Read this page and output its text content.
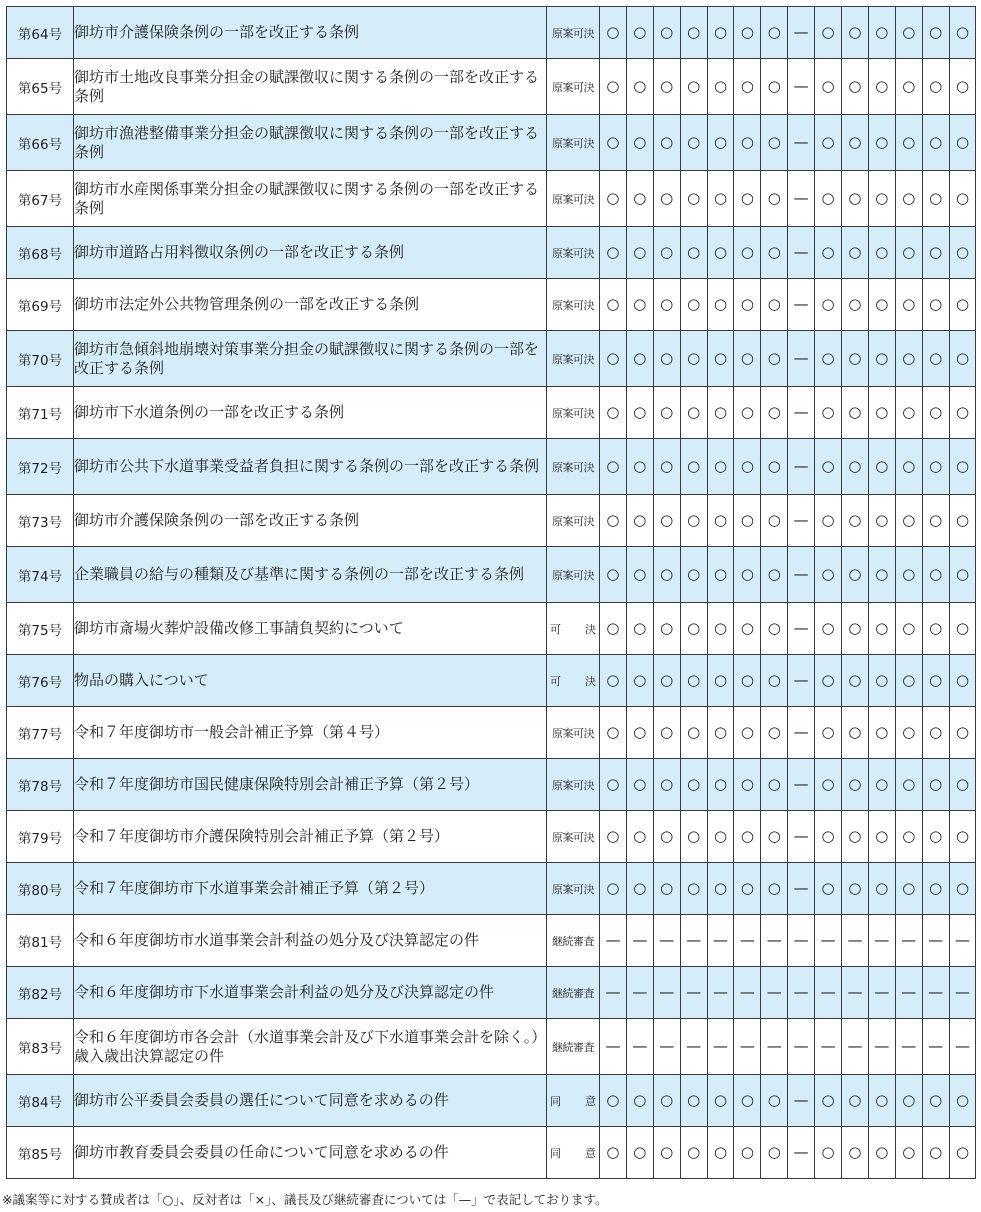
第64号	御坊市介護保険条例の一部を改正する条例	原案可決	○	○	○	○	○	○	○	—	○	○	○	○	○	○
第65号	御坊市土地改良事業分担金の賦課徴収に関する条例の一部を改正する条例	原案可決	○	○	○	○	○	○	○	—	○	○	○	○	○	○
第66号	御坊市漁港整備事業分担金の賦課徴収に関する条例の一部を改正する条例	原案可決	○	○	○	○	○	○	○	—	○	○	○	○	○	○
第67号	御坊市水産関係事業分担金の賦課徴収に関する条例の一部を改正する条例	原案可決	○	○	○	○	○	○	○	—	○	○	○	○	○	○
第68号	御坊市道路占用料徴収条例の一部を改正する条例	原案可決	○	○	○	○	○	○	○	—	○	○	○	○	○	○
第69号	御坊市法定外公共物管理条例の一部を改正する条例	原案可決	○	○	○	○	○	○	○	—	○	○	○	○	○	○
第70号	御坊市急傾斜地崩壊対策事業分担金の賦課徴収に関する条例の一部を改正する条例	原案可決	○	○	○	○	○	○	○	—	○	○	○	○	○	○
第71号	御坊市下水道条例の一部を改正する条例	原案可決	○	○	○	○	○	○	○	—	○	○	○	○	○	○
第72号	御坊市公共下水道事業受益者負担に関する条例の一部を改正する条例	原案可決	○	○	○	○	○	○	○	—	○	○	○	○	○	○
第73号	御坊市介護保険条例の一部を改正する条例	原案可決	○	○	○	○	○	○	○	—	○	○	○	○	○	○
第74号	企業職員の給与の種類及び基準に関する条例の一部を改正する条例	原案可決	○	○	○	○	○	○	○	—	○	○	○	○	○	○
第75号	御坊市斎場火葬炉設備改修工事請負契約について	可 決	○	○	○	○	○	○	○	—	○	○	○	○	○	○
第76号	物品の購入について	可 決	○	○	○	○	○	○	○	—	○	○	○	○	○	○
第77号	令和７年度御坊市一般会計補正予算（第４号）	原案可決	○	○	○	○	○	○	○	—	○	○	○	○	○	○
第78号	令和７年度御坊市国民健康保険特別会計補正予算（第２号）	原案可決	○	○	○	○	○	○	○	—	○	○	○	○	○	○
第79号	令和７年度御坊市介護保険特別会計補正予算（第２号）	原案可決	○	○	○	○	○	○	○	—	○	○	○	○	○	○
第80号	令和７年度御坊市下水道事業会計補正予算（第２号）	原案可決	○	○	○	○	○	○	○	—	○	○	○	○	○	○
第81号	令和６年度御坊市水道事業会計利益の処分及び決算認定の件	継続審査	—	—	—	—	—	—	—	—	—	—	—	—	—	—
第82号	令和６年度御坊市下水道事業会計利益の処分及び決算認定の件	継続審査	—	—	—	—	—	—	—	—	—	—	—	—	—	—
第83号	令和６年度御坊市各会計（水道事業会計及び下水道事業会計を除く。）歳入歳出決算認定の件	継続審査	—	—	—	—	—	—	—	—	—	—	—	—	—	—
第84号	御坊市公平委員会委員の選任について同意を求めるの件	同 意	○	○	○	○	○	○	○	—	○	○	○	○	○	○
第85号	御坊市教育委員会委員の任命について同意を求めるの件	同 意	○	○	○	○	○	○	○	—	○	○	○	○	○	○
※議案等に対する賛成者は「○」、反対者は「×」、議長及び継続審査については「—」で表記しております。
